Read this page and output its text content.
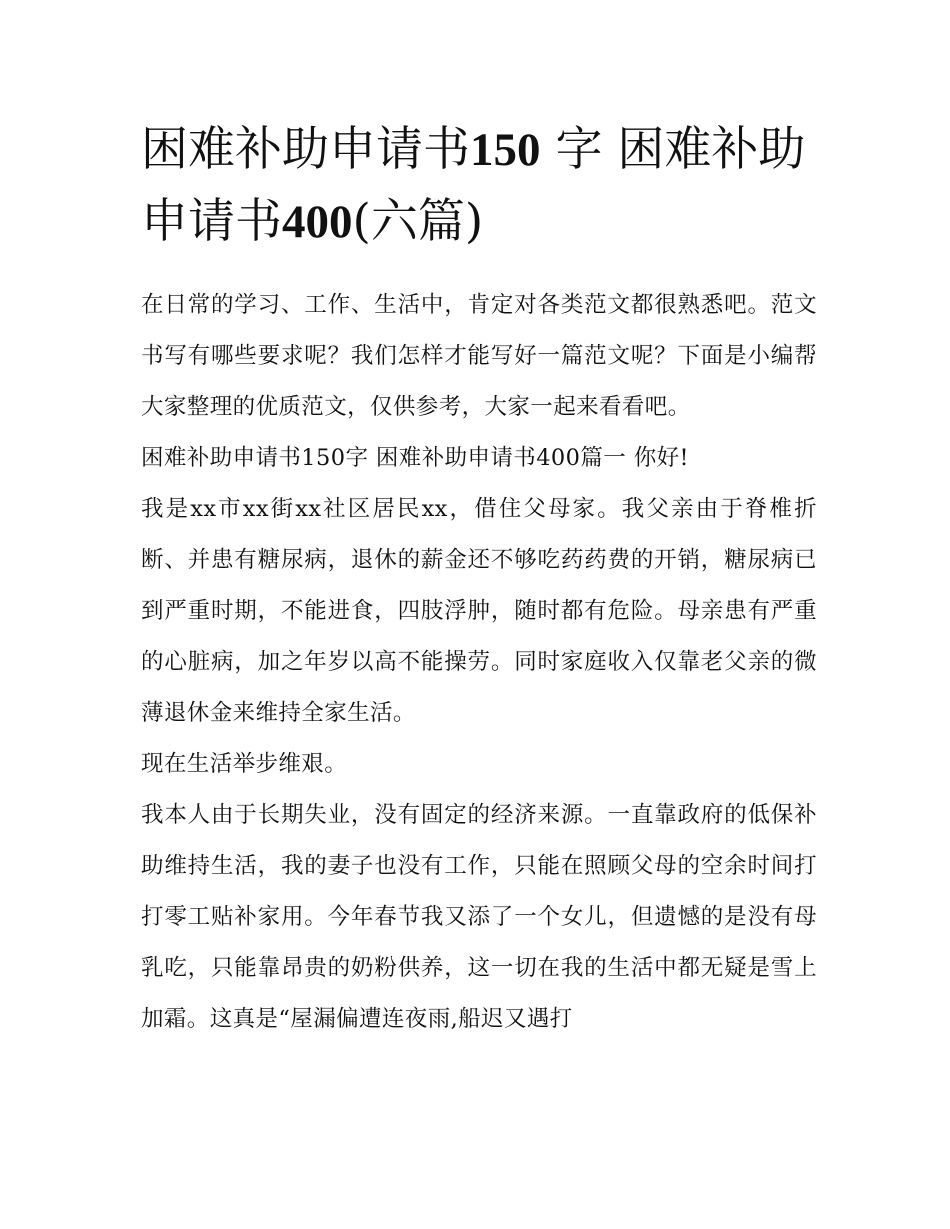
困难补助申请书150 字 困难补助申请书400(六篇)

在日常的学习、工作、生活中，肯定对各类范文都很熟悉吧。范文书写有哪些要求呢？我们怎样才能写好一篇范文呢？下面是小编帮大家整理的优质范文，仅供参考，大家一起来看看吧。

困难补助申请书150字 困难补助申请书400篇一 你好!

我是xx市xx街xx社区居民xx，借住父母家。我父亲由于脊椎折断、并患有糖尿病，退休的薪金还不够吃药药费的开销，糖尿病已到严重时期，不能进食，四肢浮肿，随时都有危险。母亲患有严重的心脏病，加之年岁以高不能操劳。同时家庭收入仅靠老父亲的微薄退休金来维持全家生活。

现在生活举步维艰。

我本人由于长期失业，没有固定的经济来源。一直靠政府的低保补助维持生活，我的妻子也没有工作，只能在照顾父母的空余时间打打零工贴补家用。今年春节我又添了一个女儿，但遗憾的是没有母乳吃，只能靠昂贵的奶粉供养，这一切在我的生活中都无疑是雪上加霜。这真是“屋漏偏遭连夜雨,船迟又遇打
